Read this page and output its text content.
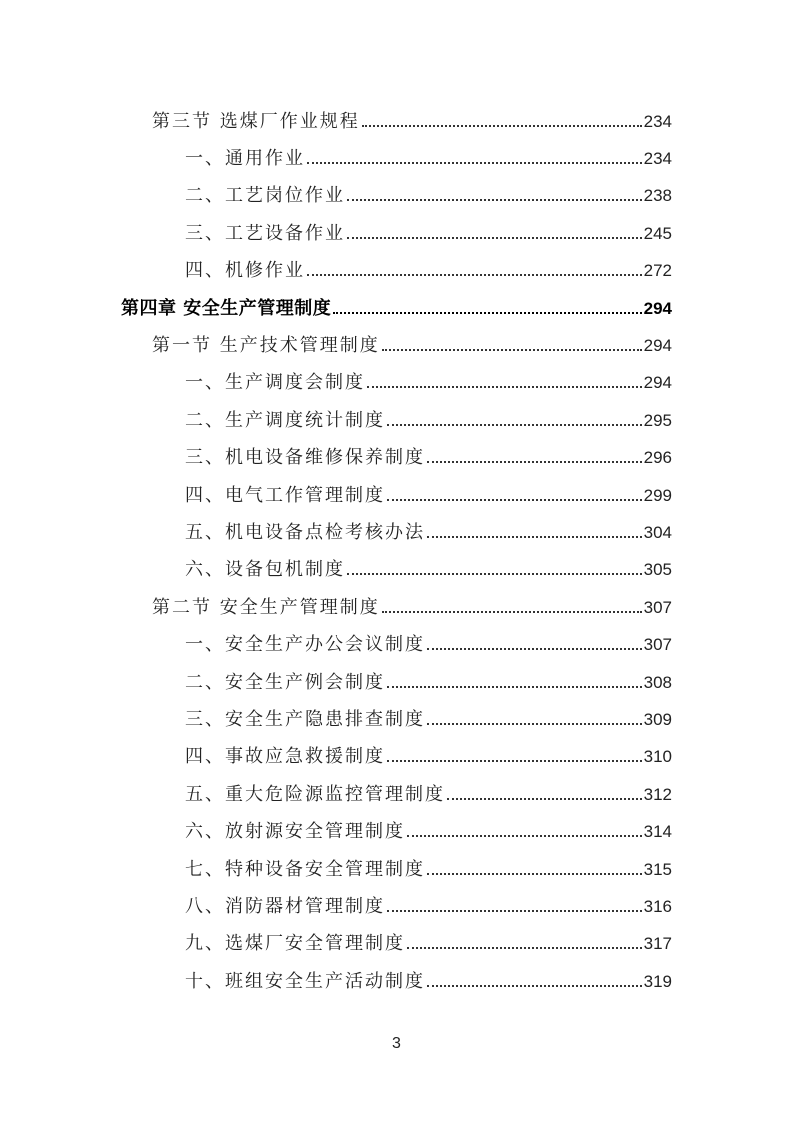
第三节 选煤厂作业规程	234
一、通用作业	234
二、工艺岗位作业	238
三、工艺设备作业	245
四、机修作业	272
第四章 安全生产管理制度	294
第一节 生产技术管理制度	294
一、生产调度会制度	294
二、生产调度统计制度	295
三、机电设备维修保养制度	296
四、电气工作管理制度	299
五、机电设备点检考核办法	304
六、设备包机制度	305
第二节 安全生产管理制度	307
一、安全生产办公会议制度	307
二、安全生产例会制度	308
三、安全生产隐患排查制度	309
四、事故应急救援制度	310
五、重大危险源监控管理制度	312
六、放射源安全管理制度	314
七、特种设备安全管理制度	315
八、消防器材管理制度	316
九、选煤厂安全管理制度	317
十、班组安全生产活动制度	319
3
